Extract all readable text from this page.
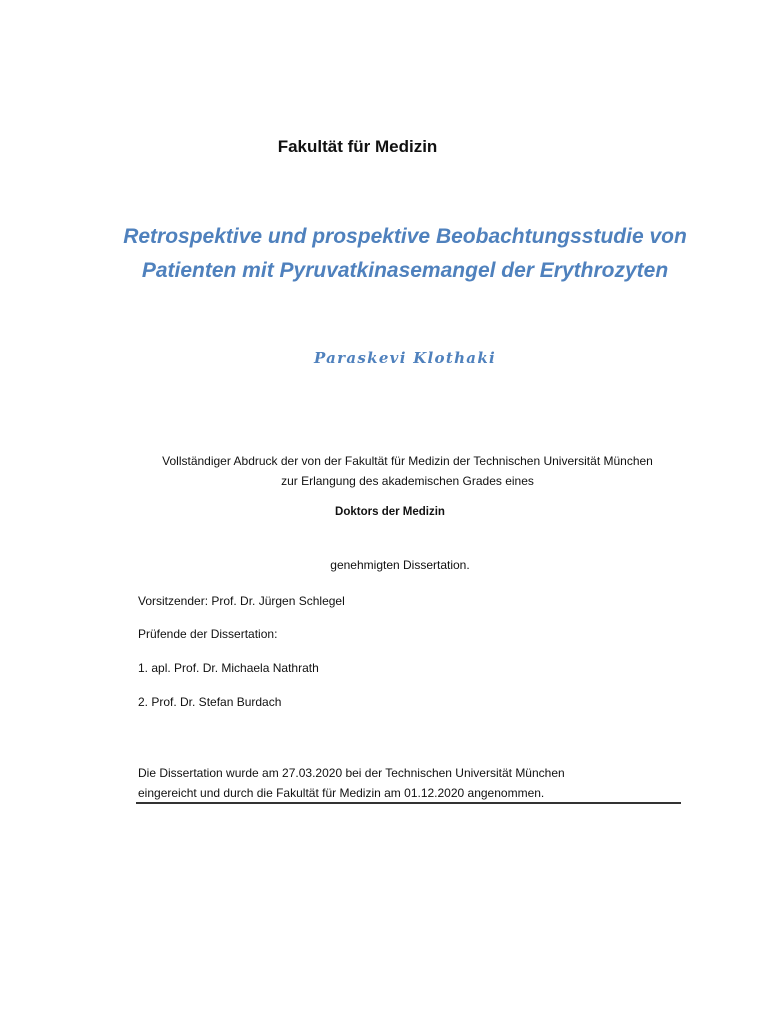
Fakultät für Medizin
Retrospektive und prospektive Beobachtungsstudie von
Patienten mit Pyruvatkinasemangel der Erythrozyten
Paraskevi Klothaki
Vollständiger Abdruck der von der Fakultät für Medizin der Technischen Universität München
zur Erlangung des akademischen Grades eines
Doktors der Medizin
genehmigten Dissertation.
Vorsitzender: Prof. Dr. Jürgen Schlegel
Prüfende der Dissertation:
1. apl. Prof. Dr. Michaela Nathrath
2. Prof. Dr. Stefan Burdach
Die Dissertation wurde am 27.03.2020 bei der Technischen Universität München
eingereicht und durch die Fakultät für Medizin am 01.12.2020 angenommen.
